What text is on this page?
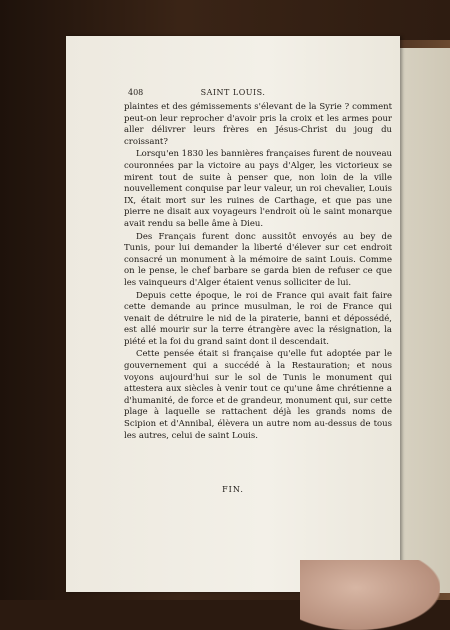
408	SAINT LOUIS.

plaintes et des gémissements s'élevant de la Syrie ? comment peut-on leur reprocher d'avoir pris la croix et les armes pour aller délivrer leurs frères en Jésus-Christ du joug du croissant?

Lorsqu'en 1830 les bannières françaises furent de nouveau couronnées par la victoire au pays d'Alger, les victorieux se mirent tout de suite à penser que, non loin de la ville nouvellement conquise par leur valeur, un roi chevalier, Louis IX, était mort sur les ruines de Carthage, et que pas une pierre ne disait aux voyageurs l'endroit où le saint monarque avait rendu sa belle âme à Dieu.

Des Français furent donc aussitôt envoyés au bey de Tunis, pour lui demander la liberté d'élever sur cet endroit consacré un monument à la mémoire de saint Louis. Comme on le pense, le chef barbare se garda bien de refuser ce que les vainqueurs d'Alger étaient venus solliciter de lui.

Depuis cette époque, le roi de France qui avait fait faire cette demande au prince musulman, le roi de France qui venait de détruire le nid de la piraterie, banni et dépossédé, est allé mourir sur la terre étrangère avec la résignation, la piété et la foi du grand saint dont il descendait.

Cette pensée était si française qu'elle fut adoptée par le gouvernement qui a succédé à la Restauration; et nous voyons aujourd'hui sur le sol de Tunis le monument qui attestera aux siècles à venir tout ce qu'une âme chrétienne a d'humanité, de force et de grandeur, monument qui, sur cette plage à laquelle se rattachent déjà les grands noms de Scipion et d'Annibal, élèvera un autre nom au-dessus de tous les autres, celui de saint Louis.

FIN.
